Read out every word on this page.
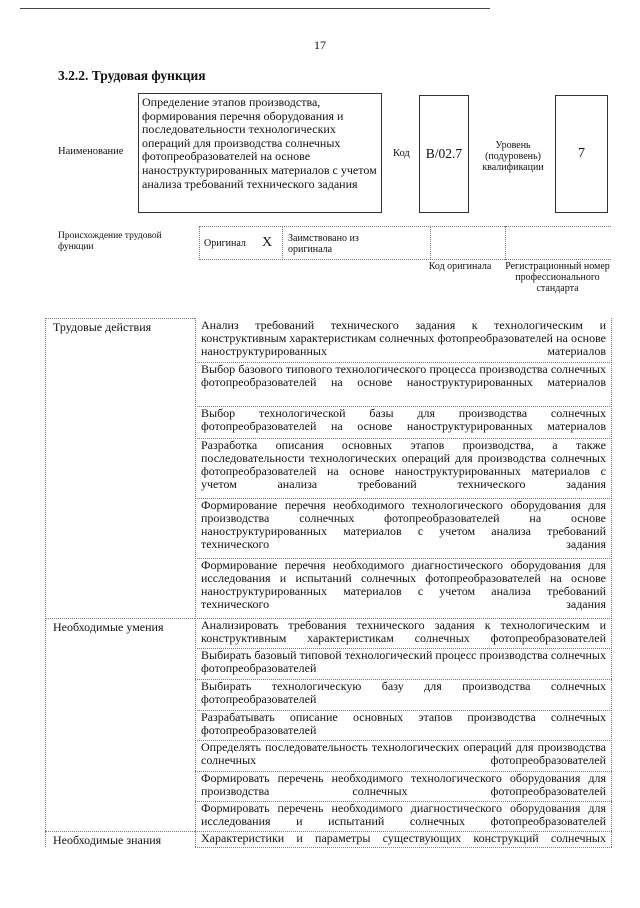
17
3.2.2. Трудовая функция
Наименование
Определение этапов производства, формирования перечня оборудования и последовательности технологических операций для производства солнечных фотопреобразователей на основе наноструктурированных материалов с учетом анализа требований технического задания
Код B/02.7
Уровень (подуровень) квалификации
7
Происхождение трудовой функции	Оригинал X Заимствовано из оригинала
Код оригинала	Регистрационный номер профессионального стандарта
Анализ требований технического задания к технологическим и конструктивным характеристикам солнечных фотопреобразователей на основе наноструктурированных материалов
Выбор базового типового технологического процесса производства солнечных фотопреобразователей на основе наноструктурированных материалов
Выбор технологической базы для производства солнечных фотопреобразователей на основе наноструктурированных материалов
Разработка описания основных этапов производства, а также последовательности технологических операций для производства солнечных фотопреобразователей на основе наноструктурированных материалов с учетом анализа требований технического задания
Формирование перечня необходимого технологического оборудования для производства солнечных фотопреобразователей на основе наноструктурированных материалов с учетом анализа требований технического задания
Формирование перечня необходимого диагностического оборудования для исследования и испытаний солнечных фотопреобразователей на основе наноструктурированных материалов с учетом анализа требований технического задания
Трудовые действия
Анализировать требования технического задания к технологическим и конструктивным характеристикам солнечных фотопреобразователей
Выбирать базовый типовой технологический процесс производства солнечных фотопреобразователей
Выбирать технологическую базу для производства солнечных фотопреобразователей
Разрабатывать описание основных этапов производства солнечных фотопреобразователей
Определять последовательность технологических операций для производства солнечных фотопреобразователей
Формировать перечень необходимого технологического оборудования для производства солнечных фотопреобразователей
Формировать перечень необходимого диагностического оборудования для исследования и испытаний солнечных фотопреобразователей
Необходимые умения
Характеристики и параметры существующих конструкций солнечных
Необходимые знания
